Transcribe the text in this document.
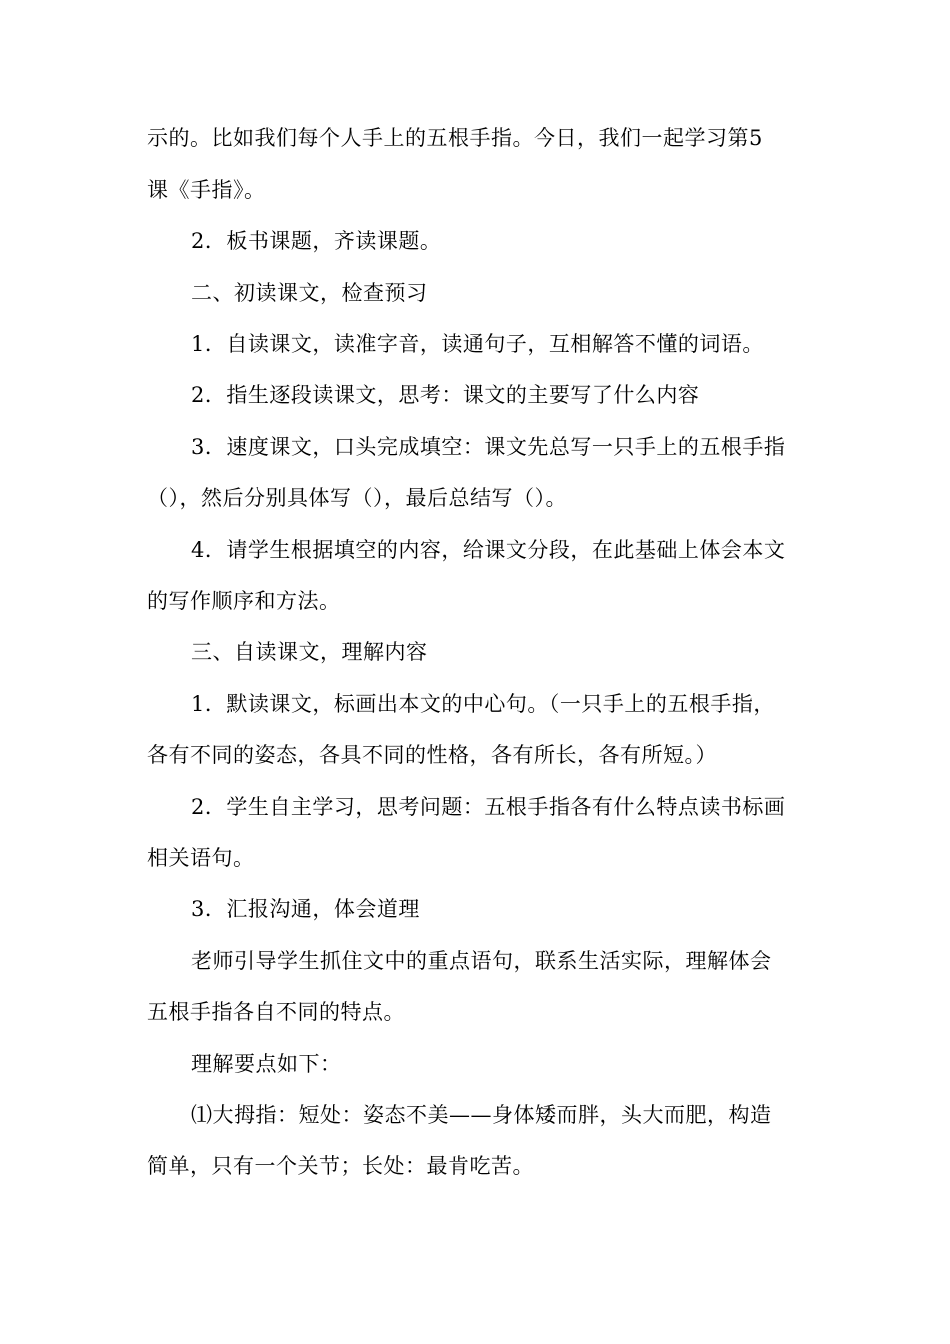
示的。比如我们每个人手上的五根手指。今日，我们一起学习第5
课《手指》。
2．板书课题，齐读课题。
二、初读课文，检查预习
1．自读课文，读准字音，读通句子，互相解答不懂的词语。
2．指生逐段读课文，思考：课文的主要写了什么内容
3．速度课文，口头完成填空：课文先总写一只手上的五根手指
（），然后分别具体写（），最后总结写（）。
4．请学生根据填空的内容，给课文分段，在此基础上体会本文
的写作顺序和方法。
三、自读课文，理解内容
1．默读课文，标画出本文的中心句。（一只手上的五根手指，
各有不同的姿态，各具不同的性格，各有所长，各有所短。）
2．学生自主学习，思考问题：五根手指各有什么特点读书标画
相关语句。
3．汇报沟通，体会道理
老师引导学生抓住文中的重点语句，联系生活实际，理解体会
五根手指各自不同的特点。
理解要点如下：
⑴大拇指：短处：姿态不美——身体矮而胖，头大而肥，构造
简单，只有一个关节；长处：最肯吃苦。
